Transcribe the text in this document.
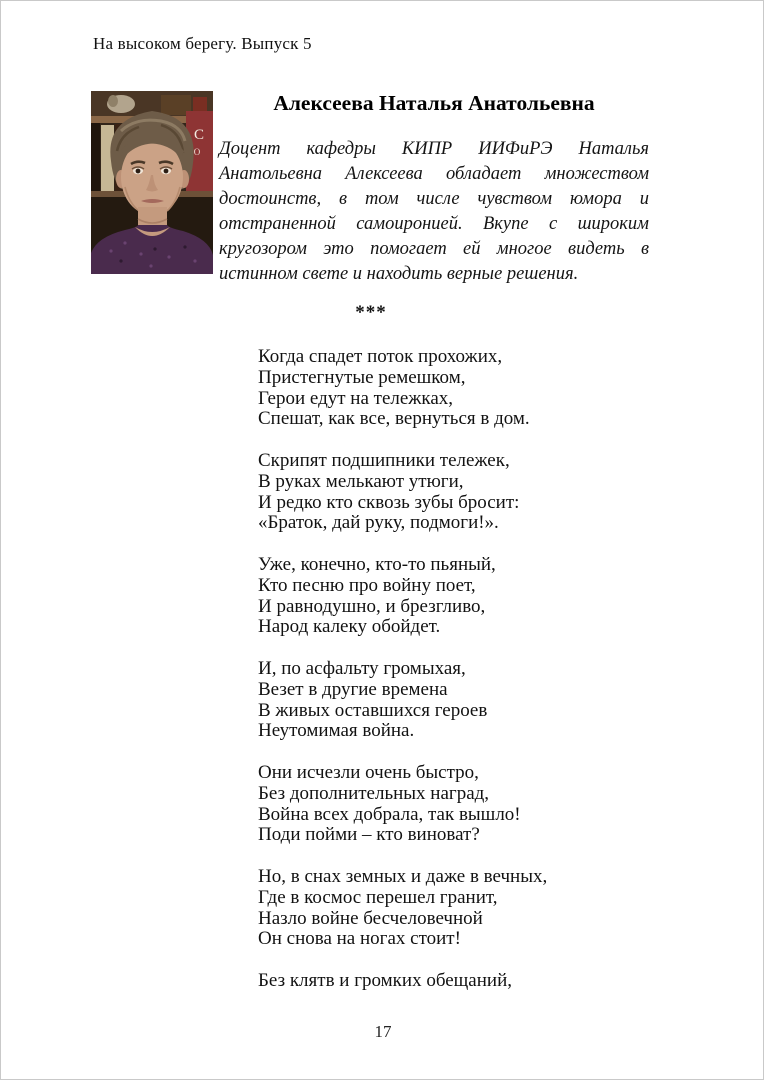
На высоком берегу. Выпуск 5
С
О
Алексеева Наталья Анатольевна

Доцент кафедры КИПР ИИФиРЭ Наталья Анатольевна Алексеева обладает множеством достоинств, в том числе чувством юмора и отстраненной самоиронией. Вкупе с широким кругозором это помогает ей многое видеть в истинном свете и находить верные решения.

***
Когда спадет поток прохожих,
Пристегнутые ремешком,
Герои едут на тележках,
Спешат, как все, вернуться в дом.
Скрипят подшипники тележек,
В руках мелькают утюги,
И редко кто сквозь зубы бросит:
«Браток, дай руку, подмоги!».
Уже, конечно, кто-то пьяный,
Кто песню про войну поет,
И равнодушно, и брезгливо,
Народ калеку обойдет.
И, по асфальту громыхая,
Везет в другие времена
В живых оставшихся героев
Неутомимая война.
Они исчезли очень быстро,
Без дополнительных наград,
Война всех добрала, так вышло!
Поди пойми – кто виноват?
Но, в снах земных и даже в вечных,
Где в космос перешел гранит,
Назло войне бесчеловечной
Он снова на ногах стоит!
Без клятв и громких обещаний,
17
